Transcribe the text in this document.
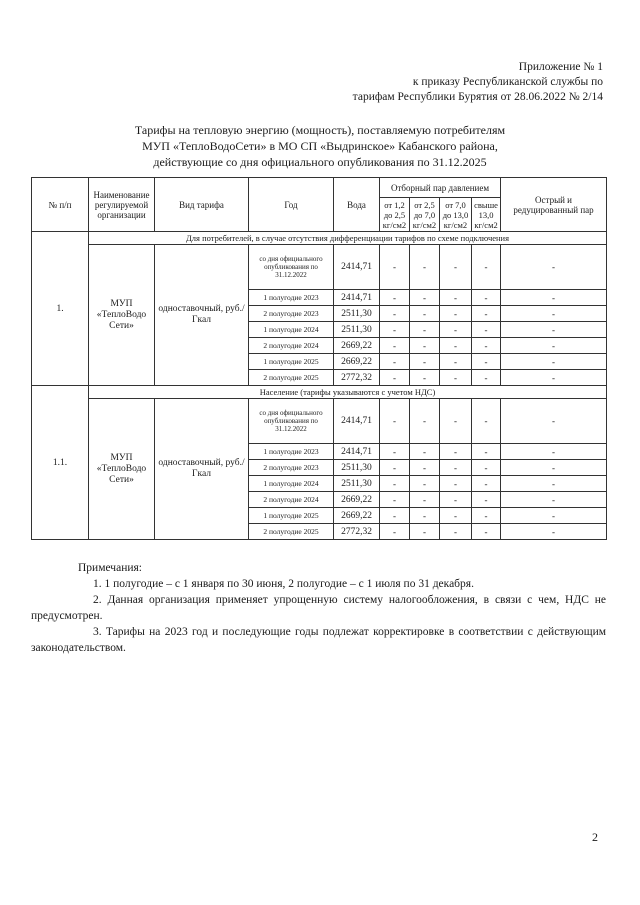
Приложение № 1
к приказу Республиканской службы по
тарифам Республики Бурятия от 28.06.2022 № 2/14
Тарифы на тепловую энергию (мощность), поставляемую потребителям
МУП «ТеплоВодоСети» в МО СП «Выдринское» Кабанского района,
действующие со дня официального опубликования по 31.12.2025
№ п/п	Наименование регулируемой организации	Вид тарифа	Год	Вода	Отборный пар давлением				Острый и редуцированный пар
					от 1,2 до 2,5 кг/см2	от 2,5 до 7,0 кг/см2	от 7,0 до 13,0 кг/см2	свыше 13,0 кг/см2	
1.	Для потребителей, в случае отсутствия дифференциации тарифов по схеме подключения								
	МУП «ТеплоВодо Сети»	одноставочный, руб./Гкал	со дня официального опубликования по 31.12.2022	2414,71	-	-	-	-	-
			1 полугодие 2023	2414,71	-	-	-	-	-
			2 полугодие 2023	2511,30	-	-	-	-	-
			1 полугодие 2024	2511,30	-	-	-	-	-
			2 полугодие 2024	2669,22	-	-	-	-	-
			1 полугодие 2025	2669,22	-	-	-	-	-
			2 полугодие 2025	2772,32	-	-	-	-	-
1.1.	Население (тарифы указываются с учетом НДС)								
	МУП «ТеплоВодо Сети»	одноставочный, руб./Гкал	со дня официального опубликования по 31.12.2022	2414,71	-	-	-	-	-
			1 полугодие 2023	2414,71	-	-	-	-	-
			2 полугодие 2023	2511,30	-	-	-	-	-
			1 полугодие 2024	2511,30	-	-	-	-	-
			2 полугодие 2024	2669,22	-	-	-	-	-
			1 полугодие 2025	2669,22	-	-	-	-	-
			2 полугодие 2025	2772,32	-	-	-	-	-
Примечания:
1. 1 полугодие – с 1 января по 30 июня, 2 полугодие – с 1 июля по 31 декабря.
2. Данная организация применяет упрощенную систему налогообложения, в связи с чем, НДС не предусмотрен.
3. Тарифы на 2023 год и последующие годы подлежат корректировке в соответствии с действующим законодательством.
2
